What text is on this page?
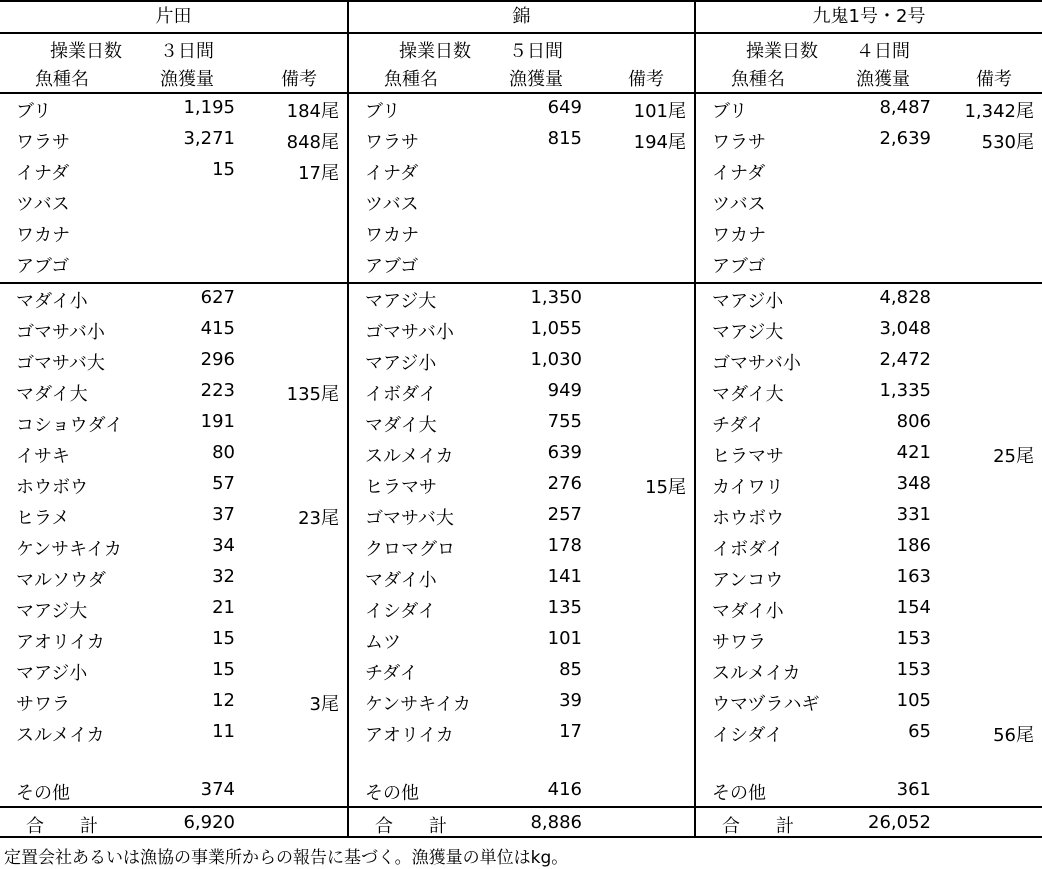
片田
操業日数 ３日間
魚種名	漁獲量	備考
ブリ	1,195	184尾
ワラサ	3,271	848尾
イナダ	15	17尾
ツバス
ワカナ
アブゴ
マダイ小	627
ゴマサバ小	415
ゴマサバ大	296
マダイ大	223	135尾
コショウダイ	191
イサキ	80
ホウボウ	57
ヒラメ	37	23尾
ケンサキイカ	34
マルソウダ	32
マアジ大	21
アオリイカ	15
マアジ小	15
サワラ	12	3尾
スルメイカ	11
その他	374
合　　計	6,920
錦
操業日数 ５日間
魚種名	漁獲量	備考
ブリ	649	101尾
ワラサ	815	194尾
イナダ
ツバス
ワカナ
アブゴ
マアジ大	1,350
ゴマサバ小	1,055
マアジ小	1,030
イボダイ	949
マダイ大	755
スルメイカ	639
ヒラマサ	276	15尾
ゴマサバ大	257
クロマグロ	178
マダイ小	141
イシダイ	135
ムツ	101
チダイ	85
ケンサキイカ	39
アオリイカ	17
その他	416
合　　計	8,886
九鬼1号・2号
操業日数 ４日間
魚種名	漁獲量	備考
ブリ	8,487 1,342尾
ワラサ	2,639	530尾
イナダ
ツバス
ワカナ
アブゴ
マアジ小	4,828
マアジ大	3,048
ゴマサバ小	2,472
マダイ大	1,335
チダイ	806
ヒラマサ	421	25尾
カイワリ	348
ホウボウ	331
イボダイ	186
アンコウ	163
マダイ小	154
サワラ	153
スルメイカ	153
ウマヅラハギ	105
イシダイ	65	56尾
その他	361
合　　計	26,052
定置会社あるいは漁協の事業所からの報告に基づく。漁獲量の単位はkg。
